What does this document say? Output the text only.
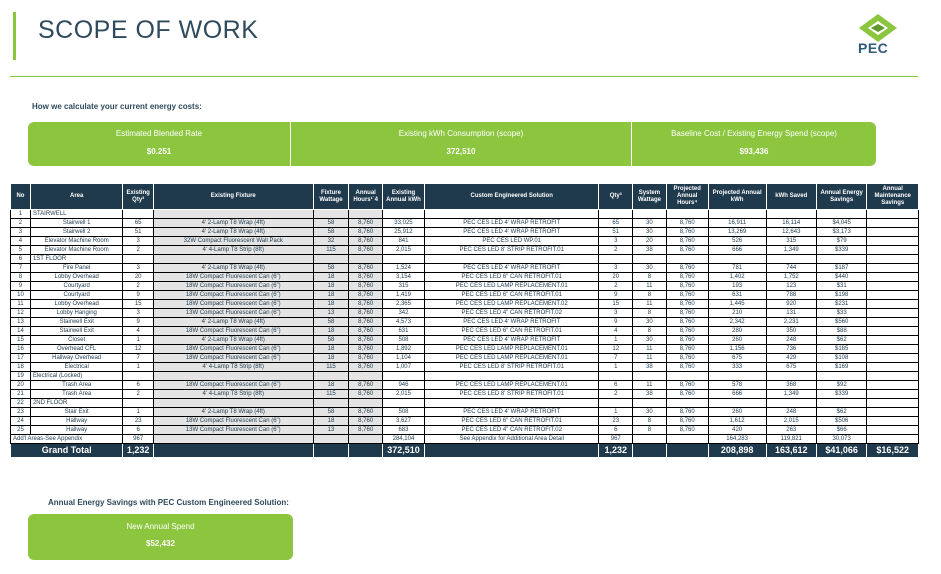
SCOPE OF WORK
PEC
How we calculate your current energy costs:
Estimated Blended Rate
$0.251
Existing kWh Consumption (scope)
372,510
Baseline Cost / Existing Energy Spend (scope)
$93,436
No	Area	Existing Qty³	Existing Fixture	Fixture Wattage	Annual Hours¹˙4	Existing Annual kWh	Custom Engineered Solution	Qty³	System Wattage	Projected Annual Hours⁴	Projected Annual kWh	kWh Saved	Annual Energy Savings	Annual Maintenance Savings
1	STAIRWELL													
2	Stairwell 1	65	4' 2-Lamp T8 Wrap (4ft)	58	8,760	33,025	PEC CES LED 4' WRAP RETROFIT	65	30	8,760	16,911	16,114	$4,045	
3	Stairwell 2	51	4' 2-Lamp T8 Wrap (4ft)	58	8,760	25,912	PEC CES LED 4' WRAP RETROFIT	51	30	8,760	13,269	12,643	$3,173	
4	Elevator Machine Room	3	32W Compact Fluorescent Wall Pack	32	8,760	841	PEC CES LED WP.01	3	20	8,760	526	315	$79	
5	Elevator Machine Room	2	4' 4-Lamp T8 Strip (8ft)	115	8,760	2,015	PEC CES LED 8' STRIP RETROFIT.01	2	38	8,760	666	1,349	$339	
6	1ST FLOOR													
7	Fire Panel	3	4' 2-Lamp T8 Wrap (4ft)	58	8,760	1,524	PEC CES LED 4' WRAP RETROFIT	3	30	8,760	781	744	$187	
8	Lobby Overhead	20	18W Compact Fluorescent Can (6")	18	8,760	3,154	PEC CES LED 6" CAN RETROFIT.01	20	8	8,760	1,402	1,752	$440	
9	Courtyard	2	18W Compact Fluorescent Can (6")	18	8,760	315	PEC CES LED LAMP REPLACEMENT.01	2	11	8,760	193	123	$31	
10	Courtyard	9	18W Compact Fluorescent Can (6")	18	8,760	1,419	PEC CES LED 6" CAN RETROFIT.01	9	8	8,760	631	788	$198	
11	Lobby Overhead	15	18W Compact Fluorescent Can (6")	18	8,760	2,365	PEC CES LED LAMP REPLACEMENT.02	15	11	8,760	1,445	920	$231	
12	Lobby Hanging	3	13W Compact Fluorescent Can (6")	13	8,760	342	PEC CES LED 4" CAN RETROFIT.02	3	8	8,760	210	131	$33	
13	Stairwell Exit	9	4' 2-Lamp T8 Wrap (4ft)	58	8,760	4,573	PEC CES LED 4' WRAP RETROFIT	9	30	8,760	2,342	2,231	$560	
14	Stairwell Exit	4	18W Compact Fluorescent Can (6")	18	8,760	631	PEC CES LED 6" CAN RETROFIT.01	4	8	8,760	280	350	$88	
15	Closet	1	4' 2-Lamp T8 Wrap (4ft)	58	8,760	508	PEC CES LED 4' WRAP RETROFIT	1	30	8,760	260	248	$62	
16	Overhead CFL	12	18W Compact Fluorescent Can (6")	18	8,760	1,892	PEC CES LED LAMP REPLACEMENT.01	12	11	8,760	1,156	736	$185	
17	Hallway Overhead	7	18W Compact Fluorescent Can (6")	18	8,760	1,104	PEC CES LED LAMP REPLACEMENT.01	7	11	8,760	675	429	$108	
18	Electrical	1	4' 4-Lamp T8 Strip (8ft)	115	8,760	1,007	PEC CES LED 8' STRIP RETROFIT.01	1	38	8,760	333	675	$169	
19	Electrical (Locked)													
20	Trash Area	6	18W Compact Fluorescent Can (6")	18	8,760	946	PEC CES LED LAMP REPLACEMENT.01	6	11	8,760	578	368	$92	
21	Trash Area	2	4' 4-Lamp T8 Strip (8ft)	115	8,760	2,015	PEC CES LED 8' STRIP RETROFIT.01	2	38	8,760	666	1,349	$339	
22	2ND FLOOR													
23	Stair Exit	1	4' 2-Lamp T8 Wrap (4ft)	58	8,760	508	PEC CES LED 4' WRAP RETROFIT	1	30	8,760	260	248	$62	
24	Hallway	23	18W Compact Fluorescent Can (6")	18	8,760	3,627	PEC CES LED 6" CAN RETROFIT.01	23	8	8,760	1,612	2,015	$506	
25	Hallway	6	13W Compact Fluorescent Can (6")	13	8,760	683	PEC CES LED 4" CAN RETROFIT.02	6	8	8,760	420	263	$66	
Add'l Areas-See Appendix		967				284,104	See Appendix for Additional Area Detail	967			164,283	119,821	30,073	
Grand Total		1,232				372,510		1,232			208,898	163,612	$41,066	$16,522
Annual Energy Savings with PEC Custom Engineered Solution:
New Annual Spend
$52,432
